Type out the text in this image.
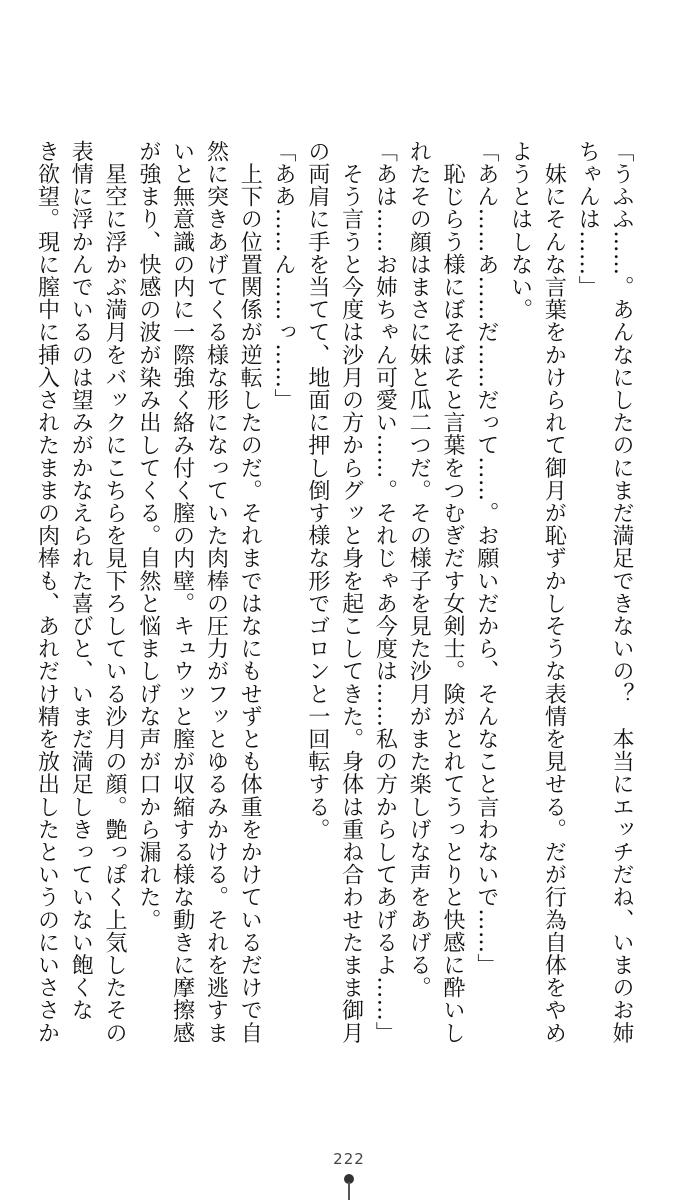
「うふふ……。あんなにしたのにまだ満足できないの？　本当にエッチだね、いまのお姉
ちゃんは……」
　妹にそんな言葉をかけられて御月が恥ずかしそうな表情を見せる。だが行為自体をやめ
ようとはしない。
「あん……あ……だ……だって……。お願いだから、そんなこと言わないで……」
　恥じらう様にぼそぼそと言葉をつむぎだす女剣士。険がとれてうっとりと快感に酔いし
れたその顔はまさに妹と瓜二つだ。その様子を見た沙月がまた楽しげな声をあげる。
「あは……お姉ちゃん可愛い……。それじゃあ今度は……私の方からしてあげるよ……」
　そう言うと今度は沙月の方からグッと身を起こしてきた。身体は重ね合わせたまま御月
の両肩に手を当てて、地面に押し倒す様な形でゴロンと一回転する。
「ああ……ん……っ……」
　上下の位置関係が逆転したのだ。それまではなにもせずとも体重をかけているだけで自
然に突きあげてくる様な形になっていた肉棒の圧力がフッとゆるみかける。それを逃すま
いと無意識の内に一際強く絡み付く膣の内壁。キュウッと膣が収縮する様な動きに摩擦感
が強まり、快感の波が染み出してくる。自然と悩ましげな声が口から漏れた。
　星空に浮かぶ満月をバックにこちらを見下ろしている沙月の顔。艶っぽく上気したその
表情に浮かんでいるのは望みがかなえられた喜びと、いまだ満足しきっていない飽くな
き欲望。現に膣中に挿入されたままの肉棒も、あれだけ精を放出したというのにいささか
222
